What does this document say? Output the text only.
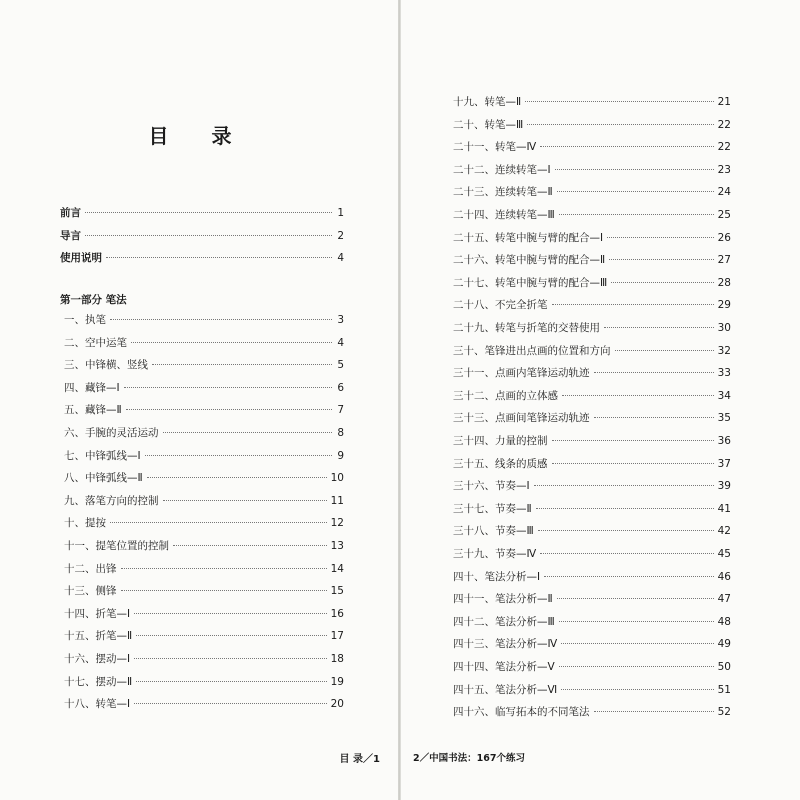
目 录
前言	1
导言	2
使用说明	4
第一部分 笔法
一、执笔	3
二、空中运笔	4
三、中锋横、竖线	5
四、藏锋—Ⅰ	6
五、藏锋—Ⅱ	7
六、手腕的灵活运动	8
七、中锋弧线—Ⅰ	9
八、中锋弧线—Ⅱ	10
九、落笔方向的控制	11
十、提按	12
十一、提笔位置的控制	13
十二、出锋	14
十三、侧锋	15
十四、折笔—Ⅰ	16
十五、折笔—Ⅱ	17
十六、摆动—Ⅰ	18
十七、摆动—Ⅱ	19
十八、转笔—Ⅰ	20
目 录／1
十九、转笔—Ⅱ	21
二十、转笔—Ⅲ	22
二十一、转笔—Ⅳ	22
二十二、连续转笔—Ⅰ	23
二十三、连续转笔—Ⅱ	24
二十四、连续转笔—Ⅲ	25
二十五、转笔中腕与臂的配合—Ⅰ	26
二十六、转笔中腕与臂的配合—Ⅱ	27
二十七、转笔中腕与臂的配合—Ⅲ	28
二十八、不完全折笔	29
二十九、转笔与折笔的交替使用	30
三十、笔锋进出点画的位置和方向	32
三十一、点画内笔锋运动轨迹	33
三十二、点画的立体感	34
三十三、点画间笔锋运动轨迹	35
三十四、力量的控制	36
三十五、线条的质感	37
三十六、节奏—Ⅰ	39
三十七、节奏—Ⅱ	41
三十八、节奏—Ⅲ	42
三十九、节奏—Ⅳ	45
四十、笔法分析—Ⅰ	46
四十一、笔法分析—Ⅱ	47
四十二、笔法分析—Ⅲ	48
四十三、笔法分析—Ⅳ	49
四十四、笔法分析—Ⅴ	50
四十五、笔法分析—Ⅵ	51
四十六、临写拓本的不同笔法	52
2／中国书法：167个练习
